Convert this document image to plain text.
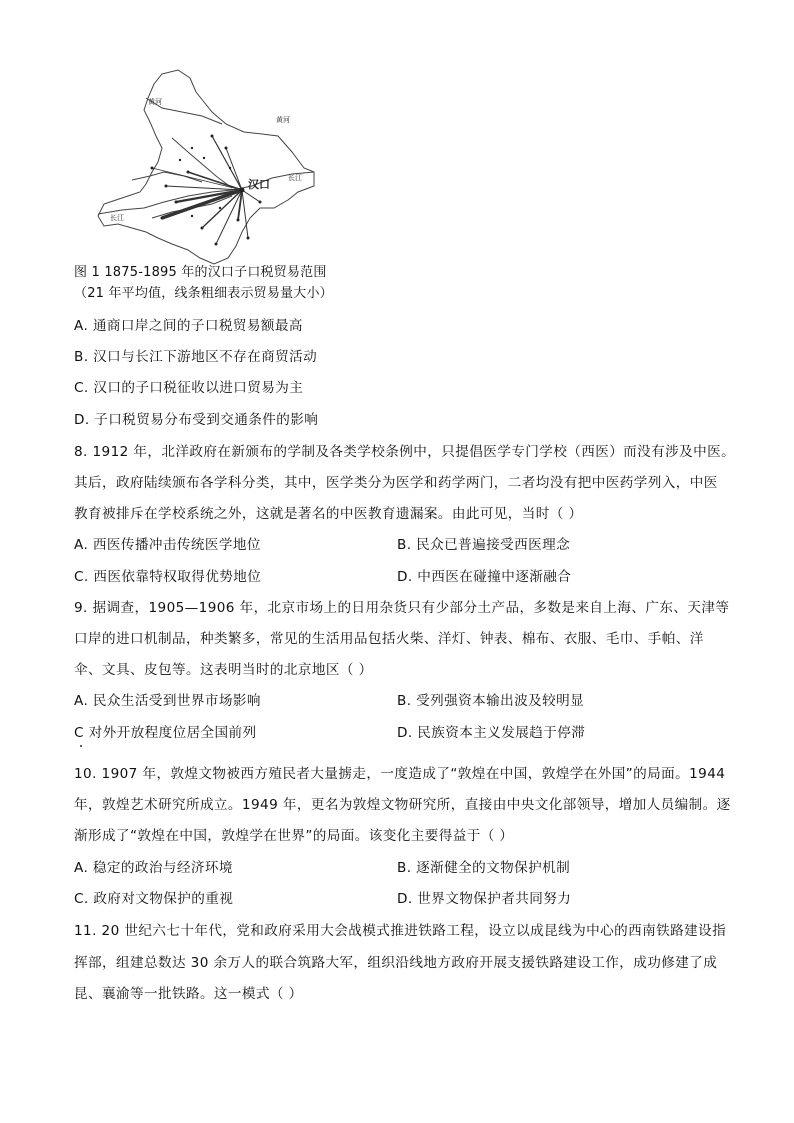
汉口
黄河
黄河
长江
长江
图 1 1875-1895 年的汉口子口税贸易范围
（21 年平均值，线条粗细表示贸易量大小）
A. 通商口岸之间的子口税贸易额最高
B. 汉口与长江下游地区不存在商贸活动
C. 汉口的子口税征收以进口贸易为主
D. 子口税贸易分布受到交通条件的影响
8. 1912 年，北洋政府在新颁布的学制及各类学校条例中，只提倡医学专门学校（西医）而没有涉及中医。
其后，政府陆续颁布各学科分类，其中，医学类分为医学和药学两门，二者均没有把中医药学列入，中医
教育被排斥在学校系统之外，这就是著名的中医教育遗漏案。由此可见，当时（ ）
A. 西医传播冲击传统医学地位	B. 民众已普遍接受西医理念
C. 西医依靠特权取得优势地位	D. 中西医在碰撞中逐渐融合
9. 据调查，1905—1906 年，北京市场上的日用杂货只有少部分土产品，多数是来自上海、广东、天津等
口岸的进口机制品，种类繁多，常见的生活用品包括火柴、洋灯、钟表、棉布、衣服、毛巾、手帕、洋
伞、文具、皮包等。这表明当时的北京地区（ ）
A. 民众生活受到世界市场影响	B. 受列强资本输出波及较明显
C 对外开放程度位居全国前列	D. 民族资本主义发展趋于停滞
10. 1907 年，敦煌文物被西方殖民者大量掳走，一度造成了“敦煌在中国，敦煌学在外国”的局面。1944
年，敦煌艺术研究所成立。1949 年，更名为敦煌文物研究所，直接由中央文化部领导，增加人员编制。逐
渐形成了“敦煌在中国，敦煌学在世界”的局面。该变化主要得益于（ ）
A. 稳定的政治与经济环境	B. 逐渐健全的文物保护机制
C. 政府对文物保护的重视	D. 世界文物保护者共同努力
11. 20 世纪六七十年代，党和政府采用大会战模式推进铁路工程，设立以成昆线为中心的西南铁路建设指
挥部，组建总数达 30 余万人的联合筑路大军，组织沿线地方政府开展支援铁路建设工作，成功修建了成
昆、襄渝等一批铁路。这一模式（ ）
